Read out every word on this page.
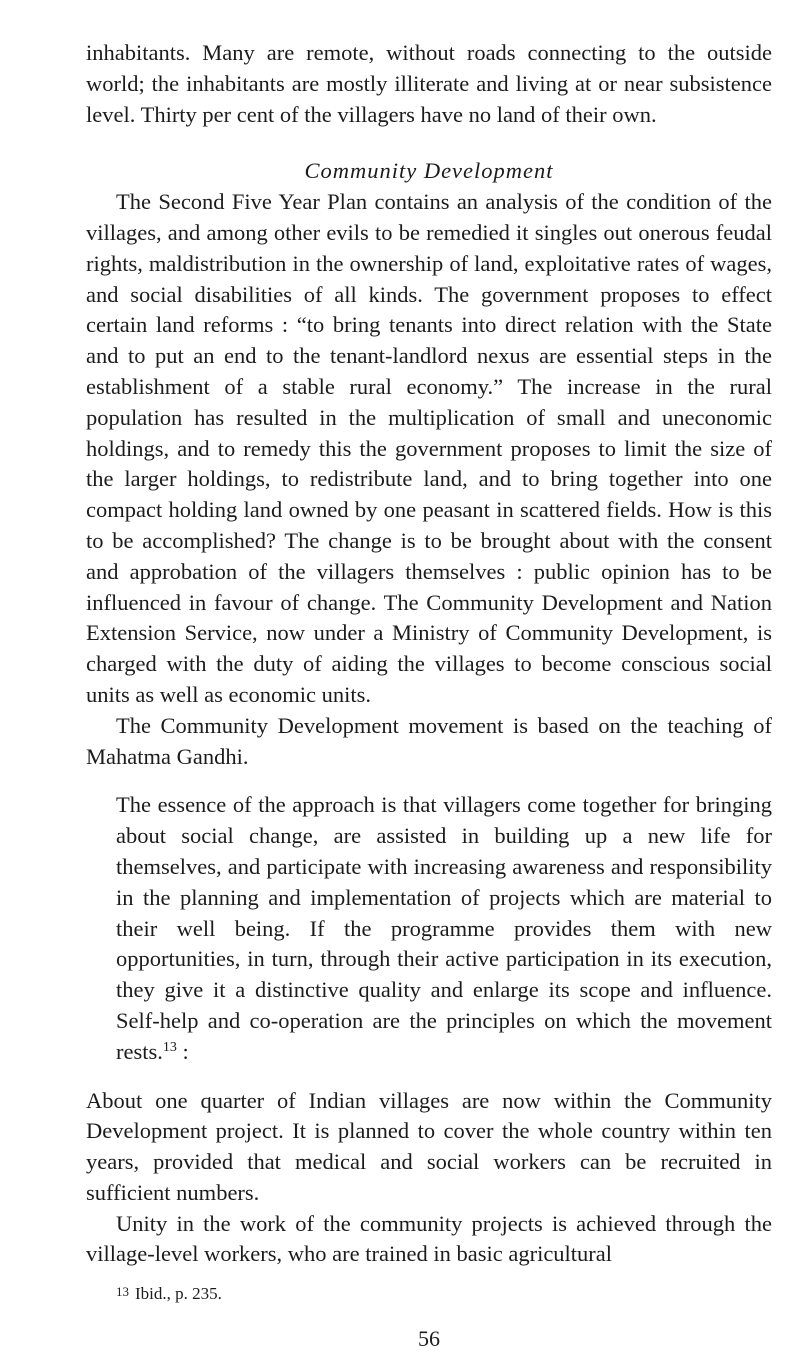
inhabitants. Many are remote, without roads connecting to the outside world; the inhabitants are mostly illiterate and living at or near subsistence level. Thirty per cent of the villagers have no land of their own.

Community Development

The Second Five Year Plan contains an analysis of the condition of the villages, and among other evils to be remedied it singles out onerous feudal rights, maldistribution in the ownership of land, exploitative rates of wages, and social disabilities of all kinds. The government proposes to effect certain land reforms : “to bring tenants into direct relation with the State and to put an end to the tenant-landlord nexus are essential steps in the establishment of a stable rural economy.” The increase in the rural population has resulted in the multiplication of small and uneconomic holdings, and to remedy this the government proposes to limit the size of the larger holdings, to redistribute land, and to bring together into one compact holding land owned by one peasant in scattered fields. How is this to be accomplished? The change is to be brought about with the consent and approbation of the villagers themselves : public opinion has to be influenced in favour of change. The Community Development and Nation Extension Service, now under a Ministry of Community Development, is charged with the duty of aiding the villages to become conscious social units as well as economic units.

The Community Development movement is based on the teaching of Mahatma Gandhi.

The essence of the approach is that villagers come together for bringing about social change, are assisted in building up a new life for themselves, and participate with increasing awareness and responsibility in the planning and implementation of projects which are material to their well being. If the programme provides them with new opportunities, in turn, through their active participation in its execution, they give it a distinctive quality and enlarge its scope and influence. Self-help and co-operation are the principles on which the movement rests.$^{13}$ :

About one quarter of Indian villages are now within the Community Development project. It is planned to cover the whole country within ten years, provided that medical and social workers can be recruited in sufficient numbers.

Unity in the work of the community projects is achieved through the village-level workers, who are trained in basic agricultural

13 Ibid., p. 235.
56
